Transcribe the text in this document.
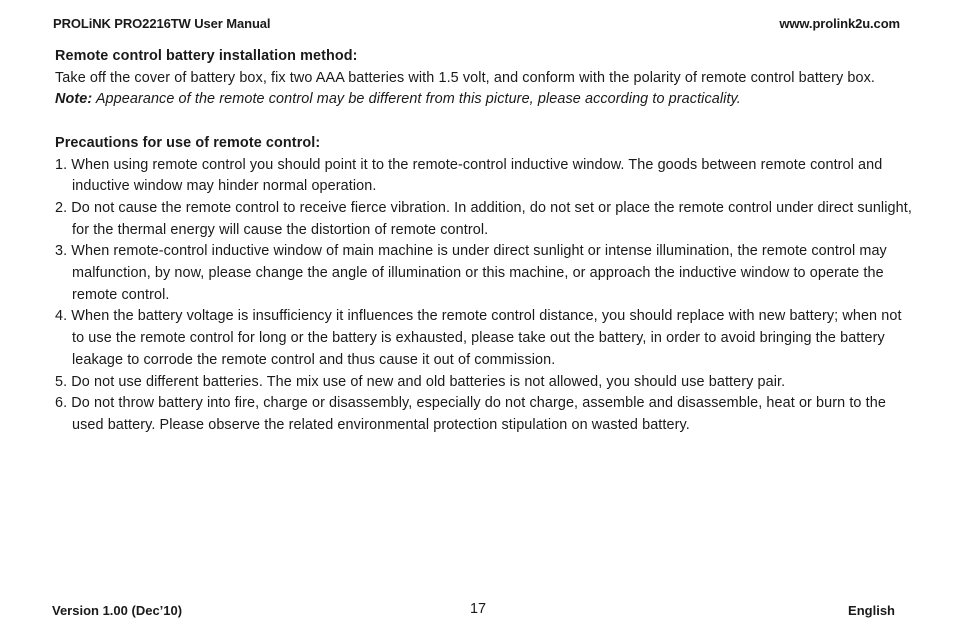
PROLiNK PRO2216TW User Manual	www.prolink2u.com
Remote control battery installation method:
Take off the cover of battery box, fix two AAA batteries with 1.5 volt, and conform with the polarity of remote control battery box.
Note: Appearance of the remote control may be different from this picture, please according to practicality.
Precautions for use of remote control:
1. When using remote control you should point it to the remote-control inductive window. The goods between remote control and inductive window may hinder normal operation.
2. Do not cause the remote control to receive fierce vibration. In addition, do not set or place the remote control under direct sunlight, for the thermal energy will cause the distortion of remote control.
3. When remote-control inductive window of main machine is under direct sunlight or intense illumination, the remote control may malfunction, by now, please change the angle of illumination or this machine, or approach the inductive window to operate the remote control.
4. When the battery voltage is insufficiency it influences the remote control distance, you should replace with new battery; when not to use the remote control for long or the battery is exhausted, please take out the battery, in order to avoid bringing the battery leakage to corrode the remote control and thus cause it out of commission.
5. Do not use different batteries. The mix use of new and old batteries is not allowed, you should use battery pair.
6. Do not throw battery into fire, charge or disassembly, especially do not charge, assemble and disassemble, heat or burn to the used battery. Please observe the related environmental protection stipulation on wasted battery.
Version 1.00 (Dec’10)	17	English
